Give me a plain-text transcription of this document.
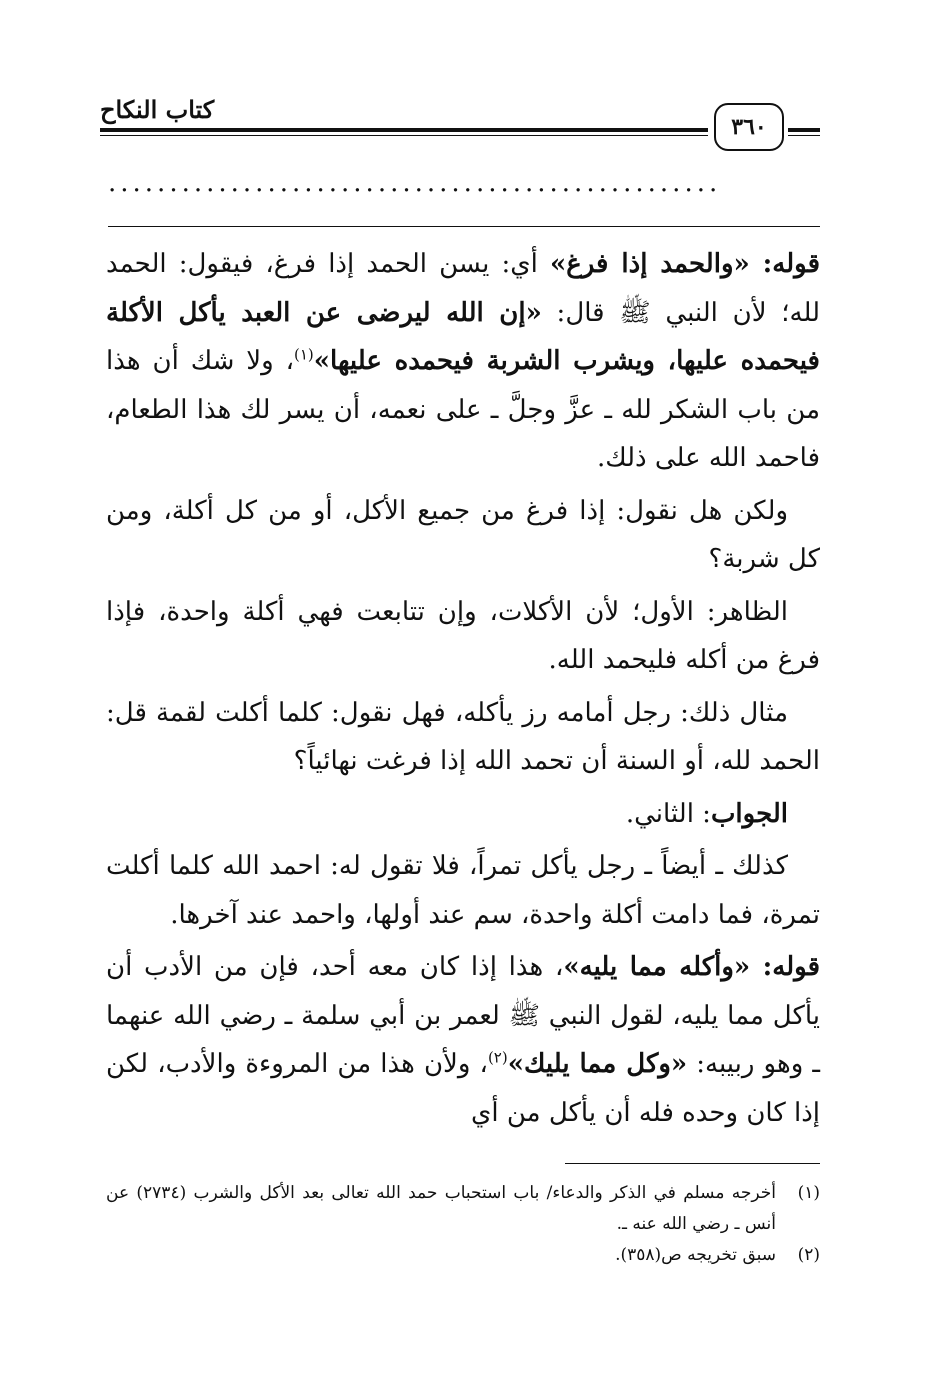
كتاب النكاح
٣٦٠
..................................................

قوله: «والحمد إذا فرغ» أي: يسن الحمد إذا فرغ، فيقول: الحمد لله؛ لأن النبي ﷺ قال: «إن الله ليرضى عن العبد يأكل الأكلة فيحمده عليها، ويشرب الشربة فيحمده عليها»$^{(١)}$، ولا شك أن هذا من باب الشكر لله ـ عزَّ وجلَّ ـ على نعمه، أن يسر لك هذا الطعام، فاحمد الله على ذلك.

ولكن هل نقول: إذا فرغ من جميع الأكل، أو من كل أكلة، ومن كل شربة؟

الظاهر: الأول؛ لأن الأكلات، وإن تتابعت فهي أكلة واحدة، فإذا فرغ من أكله فليحمد الله.

مثال ذلك: رجل أمامه رز يأكله، فهل نقول: كلما أكلت لقمة قل: الحمد لله، أو السنة أن تحمد الله إذا فرغت نهائياً؟

الجواب: الثاني.

كذلك ـ أيضاً ـ رجل يأكل تمراً، فلا تقول له: احمد الله كلما أكلت تمرة، فما دامت أكلة واحدة، سم عند أولها، واحمد عند آخرها.

قوله: «وأكله مما يليه»، هذا إذا كان معه أحد، فإن من الأدب أن يأكل مما يليه، لقول النبي ﷺ لعمر بن أبي سلمة ـ رضي الله عنهما ـ وهو ربيبه: «وكل مما يليك»$^{(٢)}$، ولأن هذا من المروءة والأدب، لكن إذا كان وحده فله أن يأكل من أي

(١)
أخرجه مسلم في الذكر والدعاء/ باب استحباب حمد الله تعالى بعد الأكل والشرب (٢٧٣٤) عن أنس ـ رضي الله عنه ـ.
(٢)
سبق تخريجه ص(٣٥٨).
